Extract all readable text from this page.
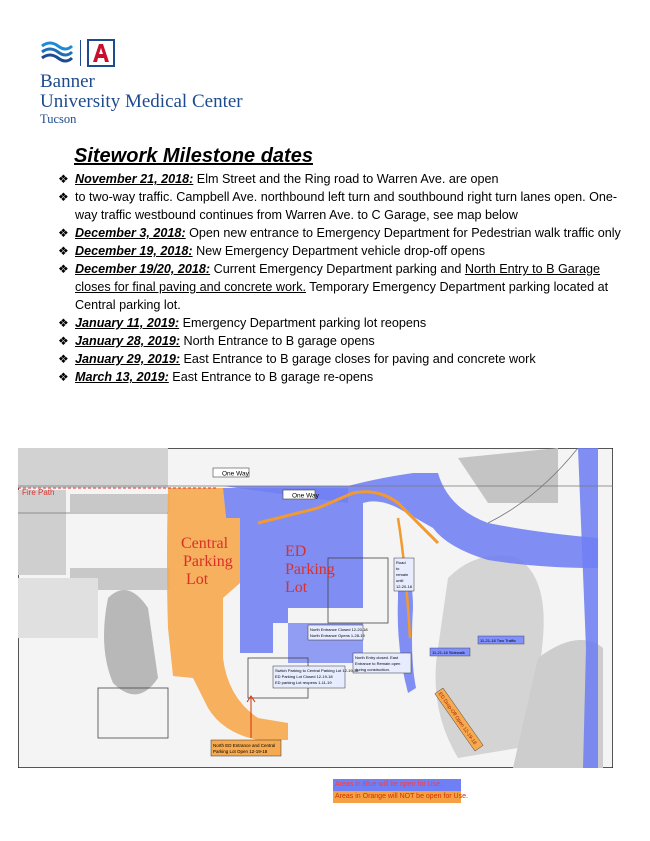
Banner
University Medical Center
Tucson
Sitework Milestone dates
❖ November 21, 2018: Elm Street and the Ring road to Warren Ave. are open
❖ to two-way traffic. Campbell Ave. northbound left turn and southbound right turn lanes open. One-way traffic westbound continues from Warren Ave. to C Garage, see map below
❖ December 3, 2018: Open new entrance to Emergency Department for Pedestrian walk traffic only
❖ December 19, 2018: New Emergency Department vehicle drop-off opens
❖ December 19/20, 2018: Current Emergency Department parking and North Entry to B Garage closes for final paving and concrete work. Temporary Emergency Department parking located at Central parking lot.
❖ January 11, 2019: Emergency Department parking lot reopens
❖ January 28, 2019: North Entrance to B garage opens
❖ January 29, 2019: East Entrance to B garage closes for paving and concrete work
❖ March 13, 2019: East Entrance to B garage re-opens
Fire Path
One Way
One Way
Central Parking Lot
ED Parking Lot
North Entrance Closed 12-20-18 North Entrance Opens 1-28-19
Road to remain until 12-20-18
North Entry closed. East Entrance to Remain open during construction.
Switch Parking to Central Parking Lot 12-19-18 ED Parking Lot Closed 12-19-18 ED parking Lot reopens 1-11-19
11-21-18 Two Traffic
11-21-18 Sidewalk
ED Drop-Off Open 12-19-18
North ED Entrance and Central Parking Lot Open 12-19-18
Areas in Blue will be open for Use.
Areas in Orange will NOT be open for Use.
